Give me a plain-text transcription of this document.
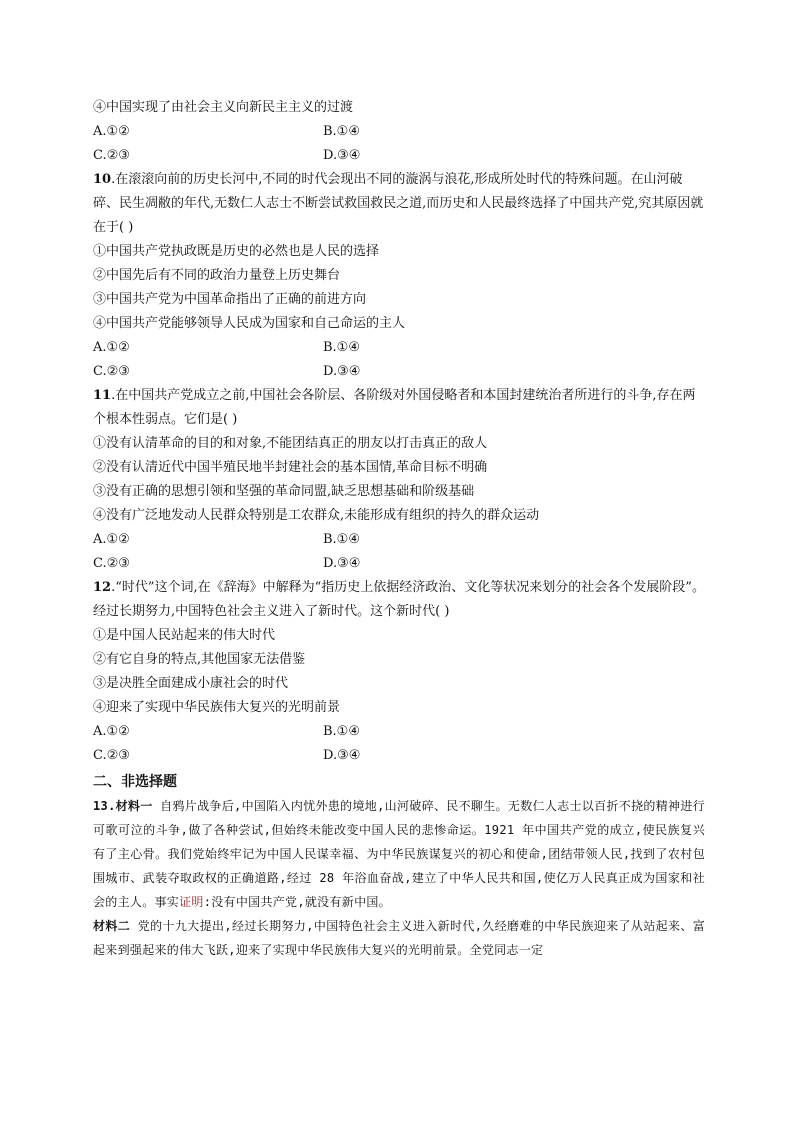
④中国实现了由社会主义向新民主主义的过渡
A.①②	B.①④
C.②③	D.③④
10.在滚滚向前的历史长河中,不同的时代会现出不同的漩涡与浪花,形成所处时代的特殊问题。在山河破碎、民生凋敝的年代,无数仁人志士不断尝试救国救民之道,而历史和人民最终选择了中国共产党,究其原因就在于( )
①中国共产党执政既是历史的必然也是人民的选择
②中国先后有不同的政治力量登上历史舞台
③中国共产党为中国革命指出了正确的前进方向
④中国共产党能够领导人民成为国家和自己命运的主人
A.①②	B.①④
C.②③	D.③④
11.在中国共产党成立之前,中国社会各阶层、各阶级对外国侵略者和本国封建统治者所进行的斗争,存在两个根本性弱点。它们是( )
①没有认清革命的目的和对象,不能团结真正的朋友以打击真正的敌人
②没有认清近代中国半殖民地半封建社会的基本国情,革命目标不明确
③没有正确的思想引领和坚强的革命同盟,缺乏思想基础和阶级基础
④没有广泛地发动人民群众特别是工农群众,未能形成有组织的持久的群众运动
A.①②	B.①④
C.②③	D.③④
12.“时代”这个词,在《辞海》中解释为“指历史上依据经济政治、文化等状况来划分的社会各个发展阶段”。经过长期努力,中国特色社会主义进入了新时代。这个新时代( )
①是中国人民站起来的伟大时代
②有它自身的特点,其他国家无法借鉴
③是决胜全面建成小康社会的时代
④迎来了实现中华民族伟大复兴的光明前景
A.①②	B.①④
C.②③	D.③④
二、非选择题
13.材料一 自鸦片战争后,中国陷入内忧外患的境地,山河破碎、民不聊生。无数仁人志士以百折不挠的精神进行可歌可泣的斗争,做了各种尝试,但始终未能改变中国人民的悲惨命运。1921 年中国共产党的成立,使民族复兴有了主心骨。我们党始终牢记为中国人民谋幸福、为中华民族谋复兴的初心和使命,团结带领人民,找到了农村包围城市、武装夺取政权的正确道路,经过 28 年浴血奋战,建立了中华人民共和国,使亿万人民真正成为国家和社会的主人。事实证明:没有中国共产党,就没有新中国。
材料二 党的十九大提出,经过长期努力,中国特色社会主义进入新时代,久经磨难的中华民族迎来了从站起来、富起来到强起来的伟大飞跃,迎来了实现中华民族伟大复兴的光明前景。全党同志一定
